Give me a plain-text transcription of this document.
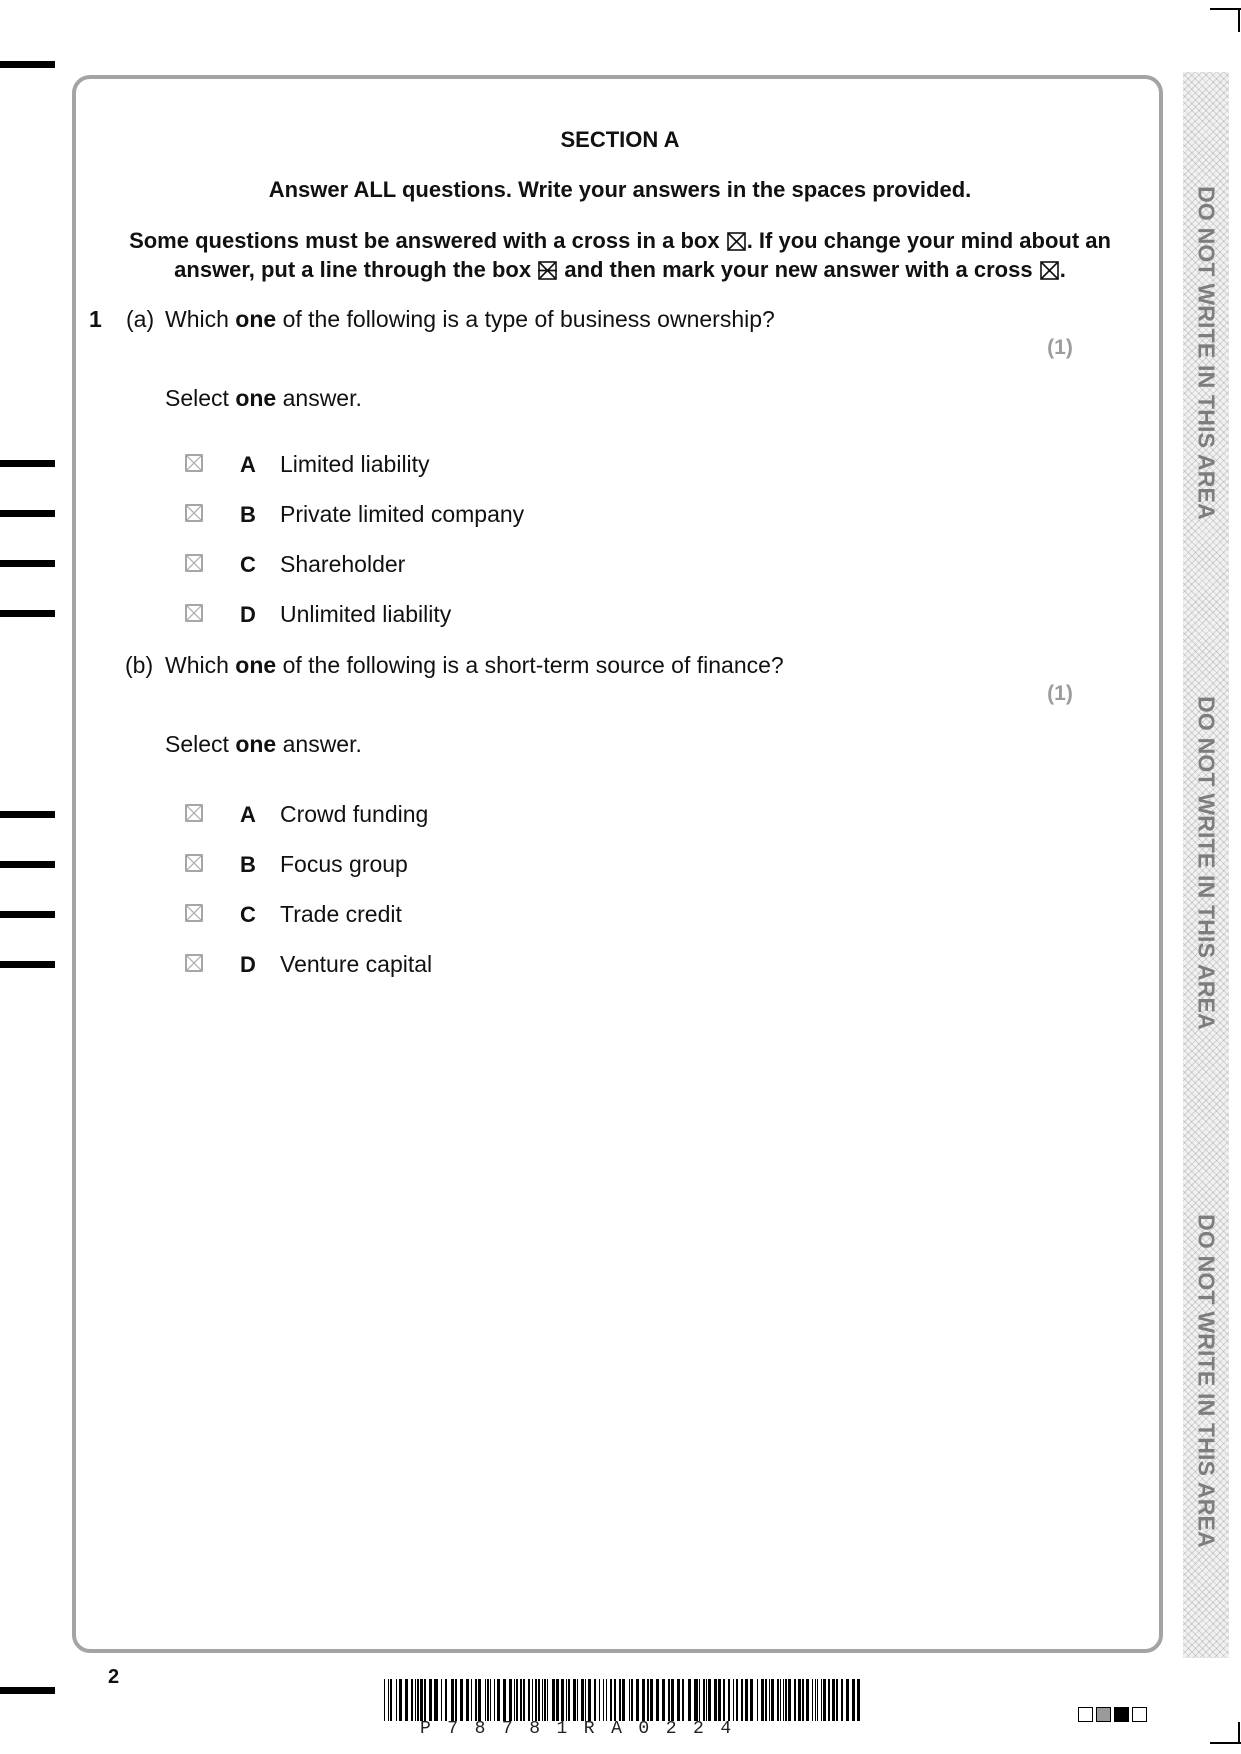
DO NOT WRITE IN THIS AREA
DO NOT WRITE IN THIS AREA
DO NOT WRITE IN THIS AREA
SECTION A
Answer ALL questions. Write your answers in the spaces provided.
Some questions must be answered with a cross in a box ☒. If you change your mind about an
answer, put a line through the box and then mark your new answer with a cross ☒.
1 (a) Which one of the following is a type of business ownership?
(1)
Select one answer.
A Limited liability
B Private limited company
C Shareholder
D Unlimited liability
(b) Which one of the following is a short-term source of finance?
(1)
Select one answer.
A Crowd funding
B Focus group
C Trade credit
D Venture capital
2
P78781RA0224
